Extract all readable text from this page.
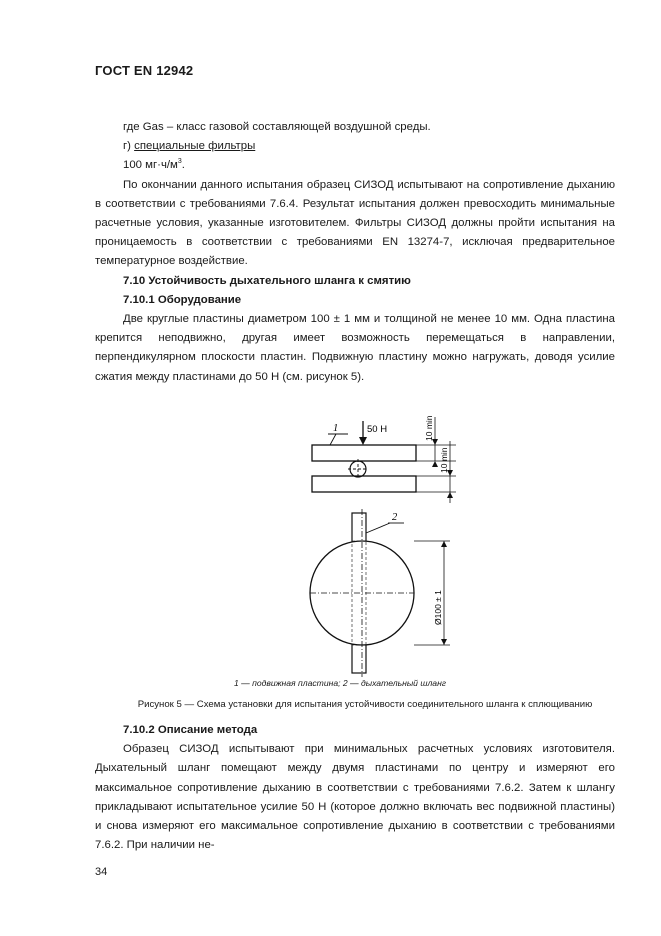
ГОСТ EN 12942

где Gas – класс газовой составляющей воздушной среды.

г) специальные фильтры

100 $мг\cdot ч/м^3$.

По окончании данного испытания образец СИЗОД испытывают на сопротивление дыханию в соответствии с требованиями 7.6.4. Результат испытания должен превосходить минимальные расчетные условия, указанные изготовителем. Фильтры СИЗОД должны пройти испытания на проницаемость в соответствии с требованиями EN 13274-7, исключая предварительное температурное воздействие.

7.10 Устойчивость дыхательного шланга к смятию

7.10.1 Оборудование

Две круглые пластины диаметром 100 ± 1 мм и толщиной не менее 10 мм. Одна пластина крепится неподвижно, другая имеет возможность перемещаться в направлении, перпендикулярном плоскости пластин. Подвижную пластину можно нагружать, доводя усилие сжатия между пластинами до 50 Н (см. рисунок 5).

50 Н
1	10 min
10 min
2
Ø100 ± 1
1 — подвижная пластина; 2 — дыхательный шланг
Рисунок 5 — Схема установки для испытания устойчивости соединительного шланга к сплющиванию

7.10.2 Описание метода

Образец СИЗОД испытывают при минимальных расчетных условиях изготовителя. Дыхательный шланг помещают между двумя пластинами по центру и измеряют его максимальное сопротивление дыханию в соответствии с требованиями 7.6.2. Затем к шлангу прикладывают испытательное усилие 50 Н (которое должно включать вес подвижной пластины) и снова измеряют его максимальное сопротивление дыханию в соответствии с требованиями 7.6.2. При наличии не-

34
